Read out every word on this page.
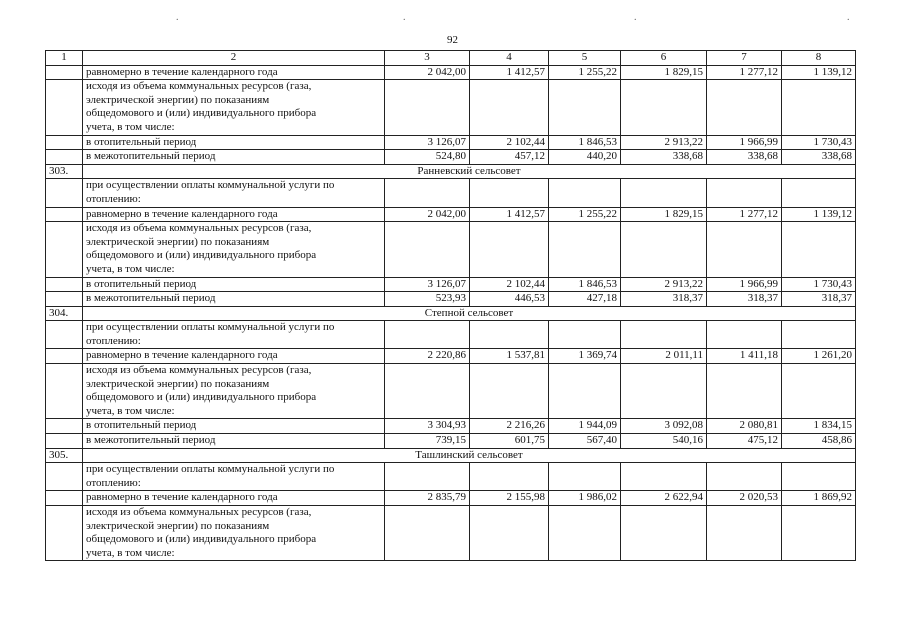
.	.	.	.
92
1	2	3	4	5	6	7	8
	равномерно в течение календарного года	2 042,00	1 412,57	1 255,22	1 829,15	1 277,12	1 139,12

	исходя из объема коммунальных ресурсов (газа,
электрической энергии) по показаниям
общедомового и (или) индивидуального прибора
учета, в том числе:						

	в отопительный период	3 126,07	2 102,44	1 846,53	2 913,22	1 966,99	1 730,43
	в межотопительный период	524,80	457,12	440,20	338,68	338,68	338,68
303.	Ранневский сельсовет						

	при осуществлении оплаты коммунальной услуги по
отоплению:						

	равномерно в течение календарного года	2 042,00	1 412,57	1 255,22	1 829,15	1 277,12	1 139,12

	исходя из объема коммунальных ресурсов (газа,
электрической энергии) по показаниям
общедомового и (или) индивидуального прибора
учета, в том числе:						

	в отопительный период	3 126,07	2 102,44	1 846,53	2 913,22	1 966,99	1 730,43
	в межотопительный период	523,93	446,53	427,18	318,37	318,37	318,37
304.	Степной сельсовет						

	при осуществлении оплаты коммунальной услуги по
отоплению:						

	равномерно в течение календарного года	2 220,86	1 537,81	1 369,74	2 011,11	1 411,18	1 261,20

	исходя из объема коммунальных ресурсов (газа,
электрической энергии) по показаниям
общедомового и (или) индивидуального прибора
учета, в том числе:						

	в отопительный период	3 304,93	2 216,26	1 944,09	3 092,08	2 080,81	1 834,15
	в межотопительный период	739,15	601,75	567,40	540,16	475,12	458,86
305.	Ташлинский сельсовет						

	при осуществлении оплаты коммунальной услуги по
отоплению:						

	равномерно в течение календарного года	2 835,79	2 155,98	1 986,02	2 622,94	2 020,53	1 869,92

	исходя из объема коммунальных ресурсов (газа,
электрической энергии) по показаниям
общедомового и (или) индивидуального прибора
учета, в том числе:						
